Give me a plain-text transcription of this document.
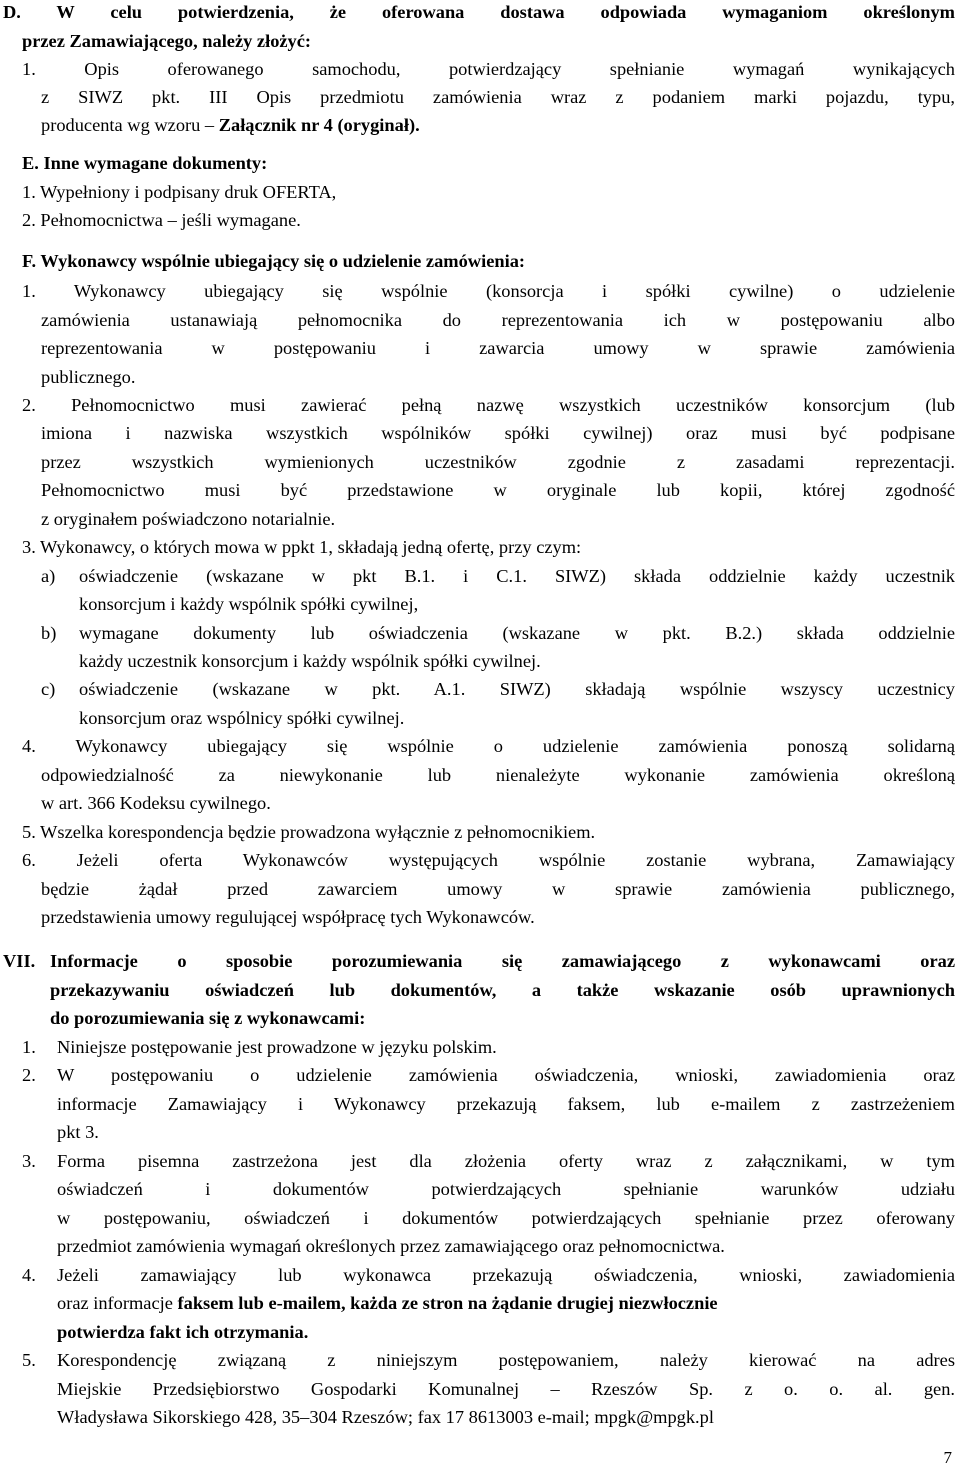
D. W celu potwierdzenia, że oferowana dostawa odpowiada wymaganiom określonym
przez Zamawiającego, należy złożyć:
1. Opis oferowanego samochodu, potwierdzający spełnianie wymagań wynikających
z SIWZ pkt. III Opis przedmiotu zamówienia wraz z podaniem marki pojazdu, typu,
producenta wg wzoru – Załącznik nr 4 (oryginał).
E. Inne wymagane dokumenty:
1. Wypełniony i podpisany druk OFERTA,
2. Pełnomocnictwa – jeśli wymagane.
F. Wykonawcy wspólnie ubiegający się o udzielenie zamówienia:
1. Wykonawcy ubiegający się wspólnie (konsorcja i spółki cywilne) o udzielenie
zamówienia ustanawiają pełnomocnika do reprezentowania ich w postępowaniu albo
reprezentowania w postępowaniu i zawarcia umowy w sprawie zamówienia
publicznego.
2. Pełnomocnictwo musi zawierać pełną nazwę wszystkich uczestników konsorcjum (lub
imiona i nazwiska wszystkich wspólników spółki cywilnej) oraz musi być podpisane
przez wszystkich wymienionych uczestników zgodnie z zasadami reprezentacji.
Pełnomocnictwo musi być przedstawione w oryginale lub kopii, której zgodność
z oryginałem poświadczono notarialnie.
3. Wykonawcy, o których mowa w ppkt 1, składają jedną ofertę, przy czym:
a) oświadczenie (wskazane w pkt B.1. i C.1. SIWZ) składa oddzielnie każdy uczestnik
konsorcjum i każdy wspólnik spółki cywilnej,
b) wymagane dokumenty lub oświadczenia (wskazane w pkt. B.2.) składa oddzielnie
każdy uczestnik konsorcjum i każdy wspólnik spółki cywilnej.
c) oświadczenie (wskazane w pkt. A.1. SIWZ) składają wspólnie wszyscy uczestnicy
konsorcjum oraz wspólnicy spółki cywilnej.
4. Wykonawcy ubiegający się wspólnie o udzielenie zamówienia ponoszą solidarną
odpowiedzialność za niewykonanie lub nienależyte wykonanie zamówienia określoną
w art. 366 Kodeksu cywilnego.
5. Wszelka korespondencja będzie prowadzona wyłącznie z pełnomocnikiem.
6. Jeżeli oferta Wykonawców występujących wspólnie zostanie wybrana, Zamawiający
będzie żądał przed zawarciem umowy w sprawie zamówienia publicznego,
przedstawienia umowy regulującej współpracę tych Wykonawców.
VII. Informacje o sposobie porozumiewania się zamawiającego z wykonawcami oraz
przekazywaniu oświadczeń lub dokumentów, a także wskazanie osób uprawnionych
do porozumiewania się z wykonawcami:
1. Niniejsze postępowanie jest prowadzone w języku polskim.
2. W postępowaniu o udzielenie zamówienia oświadczenia, wnioski, zawiadomienia oraz
informacje Zamawiający i Wykonawcy przekazują faksem, lub e-mailem z zastrzeżeniem
pkt 3.
3. Forma pisemna zastrzeżona jest dla złożenia oferty wraz z załącznikami, w tym
oświadczeń i dokumentów potwierdzających spełnianie warunków udziału
w postępowaniu, oświadczeń i dokumentów potwierdzających spełnianie przez oferowany
przedmiot zamówienia wymagań określonych przez zamawiającego oraz pełnomocnictwa.
4. Jeżeli zamawiający lub wykonawca przekazują oświadczenia, wnioski, zawiadomienia
oraz informacje faksem lub e-mailem, każda ze stron na żądanie drugiej niezwłocznie
potwierdza fakt ich otrzymania.
5. Korespondencję związaną z niniejszym postępowaniem, należy kierować na adres
Miejskie Przedsiębiorstwo Gospodarki Komunalnej – Rzeszów Sp. z o. o. al. gen.
Władysława Sikorskiego 428, 35–304 Rzeszów; fax 17 8613003 e-mail; mpgk@mpgk.pl
7
